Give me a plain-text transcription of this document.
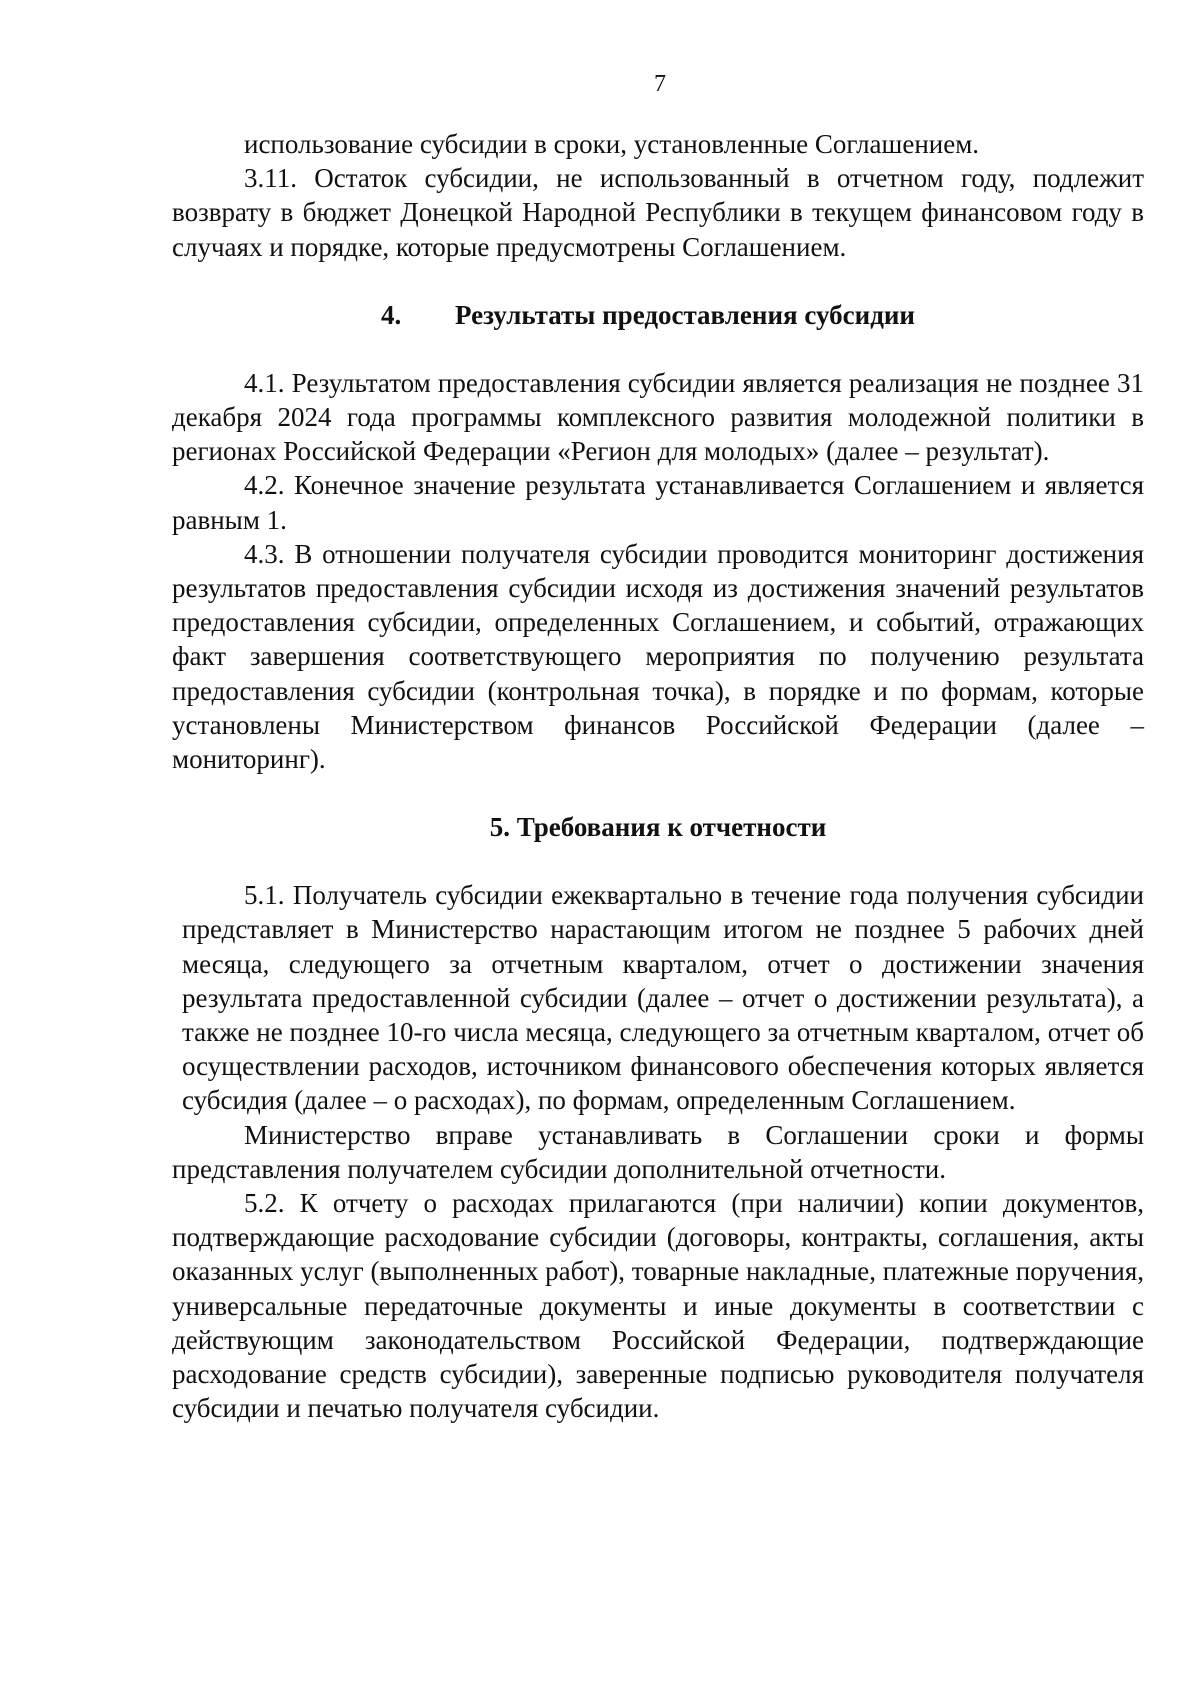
7

использование субсидии в сроки, установленные Соглашением.

3.11. Остаток субсидии, не использованный в отчетном году, подлежит возврату в бюджет Донецкой Народной Республики в текущем финансовом году в случаях и порядке, которые предусмотрены Соглашением.

4. Результаты предоставления субсидии

4.1. Результатом предоставления субсидии является реализация не позднее 31 декабря 2024 года программы комплексного развития молодежной политики в регионах Российской Федерации «Регион для молодых» (далее – результат).

4.2. Конечное значение результата устанавливается Соглашением и является равным 1.

4.3. В отношении получателя субсидии проводится мониторинг достижения результатов предоставления субсидии исходя из достижения значений результатов предоставления субсидии, определенных Соглашением, и событий, отражающих факт завершения соответствующего мероприятия по получению результата предоставления субсидии (контрольная точка), в порядке и по формам, которые установлены Министерством финансов Российской Федерации (далее – мониторинг).

5. Требования к отчетности

5.1. Получатель субсидии ежеквартально в течение года получения субсидии представляет в Министерство нарастающим итогом не позднее 5 рабочих дней месяца, следующего за отчетным кварталом, отчет о достижении значения результата предоставленной субсидии (далее – отчет о достижении результата), а также не позднее 10-го числа месяца, следующего за отчетным кварталом, отчет об осуществлении расходов, источником финансового обеспечения которых является субсидия (далее – о расходах), по формам, определенным Соглашением.

Министерство вправе устанавливать в Соглашении сроки и формы представления получателем субсидии дополнительной отчетности.

5.2. К отчету о расходах прилагаются (при наличии) копии документов, подтверждающие расходование субсидии (договоры, контракты, соглашения, акты оказанных услуг (выполненных работ), товарные накладные, платежные поручения, универсальные передаточные документы и иные документы в соответствии с действующим законодательством Российской Федерации, подтверждающие расходование средств субсидии), заверенные подписью руководителя получателя субсидии и печатью получателя субсидии.
